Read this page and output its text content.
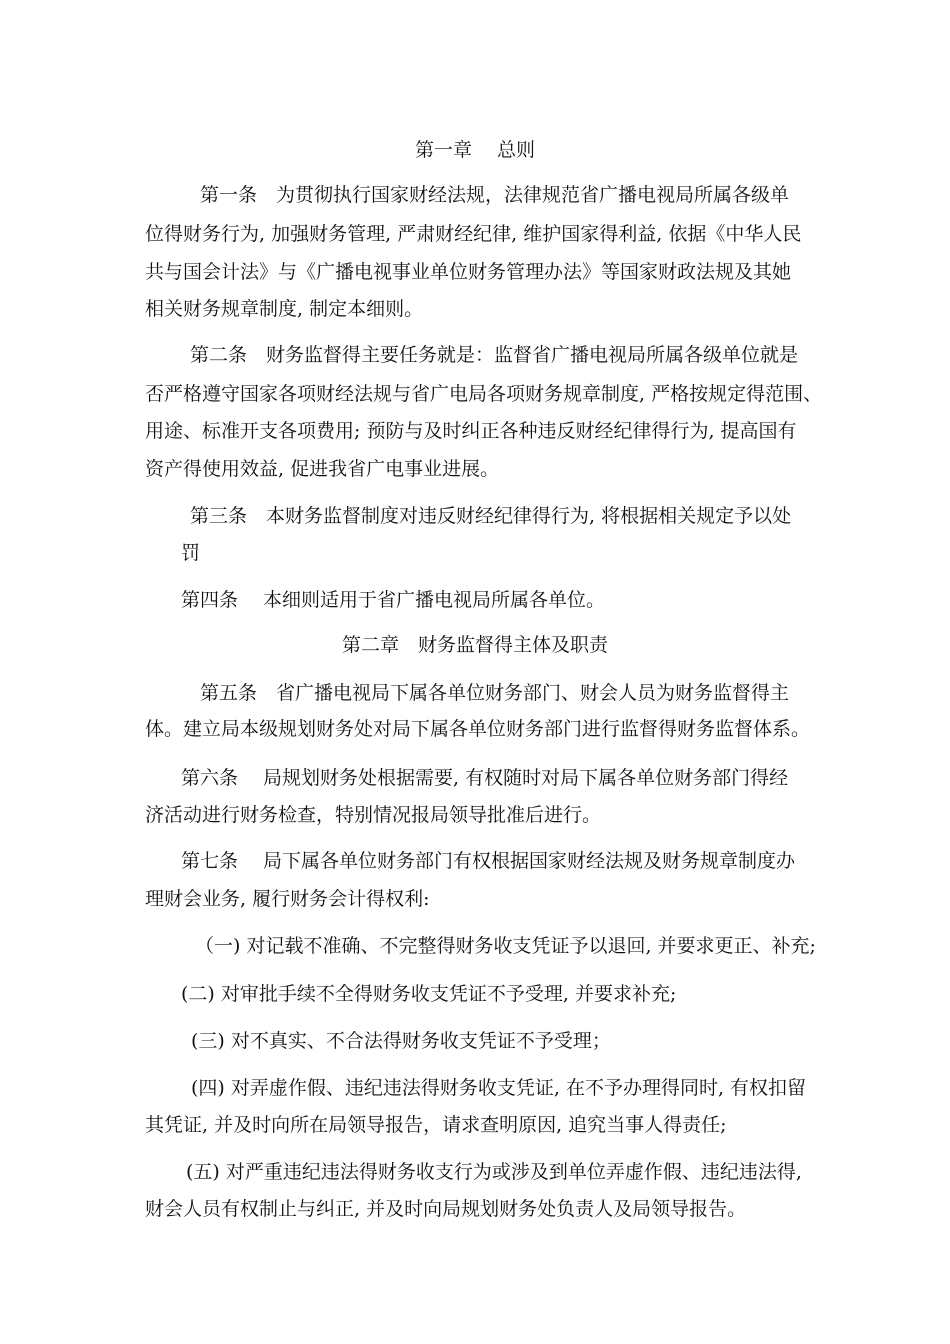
第一章　 总则
第一条　为贯彻执行国家财经法规，法律规范省广播电视局所属各级单
位得财务行为, 加强财务管理, 严肃财经纪律, 维护国家得利益, 依据《中华人民
共与国会计法》与《广播电视事业单位财务管理办法》等国家财政法规及其她
相关财务规章制度, 制定本细则。
第二条　财务监督得主要任务就是：监督省广播电视局所属各级单位就是
否严格遵守国家各项财经法规与省广电局各项财务规章制度, 严格按规定得范围、
用途、标准开支各项费用; 预防与及时纠正各种违反财经纪律得行为, 提高国有
资产得使用效益, 促进我省广电事业进展。
第三条　本财务监督制度对违反财经纪律得行为, 将根据相关规定予以处
罚
第四条　 本细则适用于省广播电视局所属各单位。
第二章　财务监督得主体及职责
第五条　省广播电视局下属各单位财务部门、财会人员为财务监督得主
体。建立局本级规划财务处对局下属各单位财务部门进行监督得财务监督体系。
第六条　 局规划财务处根据需要, 有权随时对局下属各单位财务部门得经
济活动进行财务检查，特别情况报局领导批准后进行。
第七条　 局下属各单位财务部门有权根据国家财经法规及财务规章制度办
理财会业务, 履行财务会计得权利:
（一) 对记载不准确、不完整得财务收支凭证予以退回, 并要求更正、补充;
(二) 对审批手续不全得财务收支凭证不予受理, 并要求补充;
(三) 对不真实、不合法得财务收支凭证不予受理；
(四) 对弄虚作假、违纪违法得财务收支凭证, 在不予办理得同时, 有权扣留
其凭证, 并及时向所在局领导报告，请求查明原因, 追究当事人得责任;
(五) 对严重违纪违法得财务收支行为或涉及到单位弄虚作假、违纪违法得,
财会人员有权制止与纠正, 并及时向局规划财务处负责人及局领导报告。
